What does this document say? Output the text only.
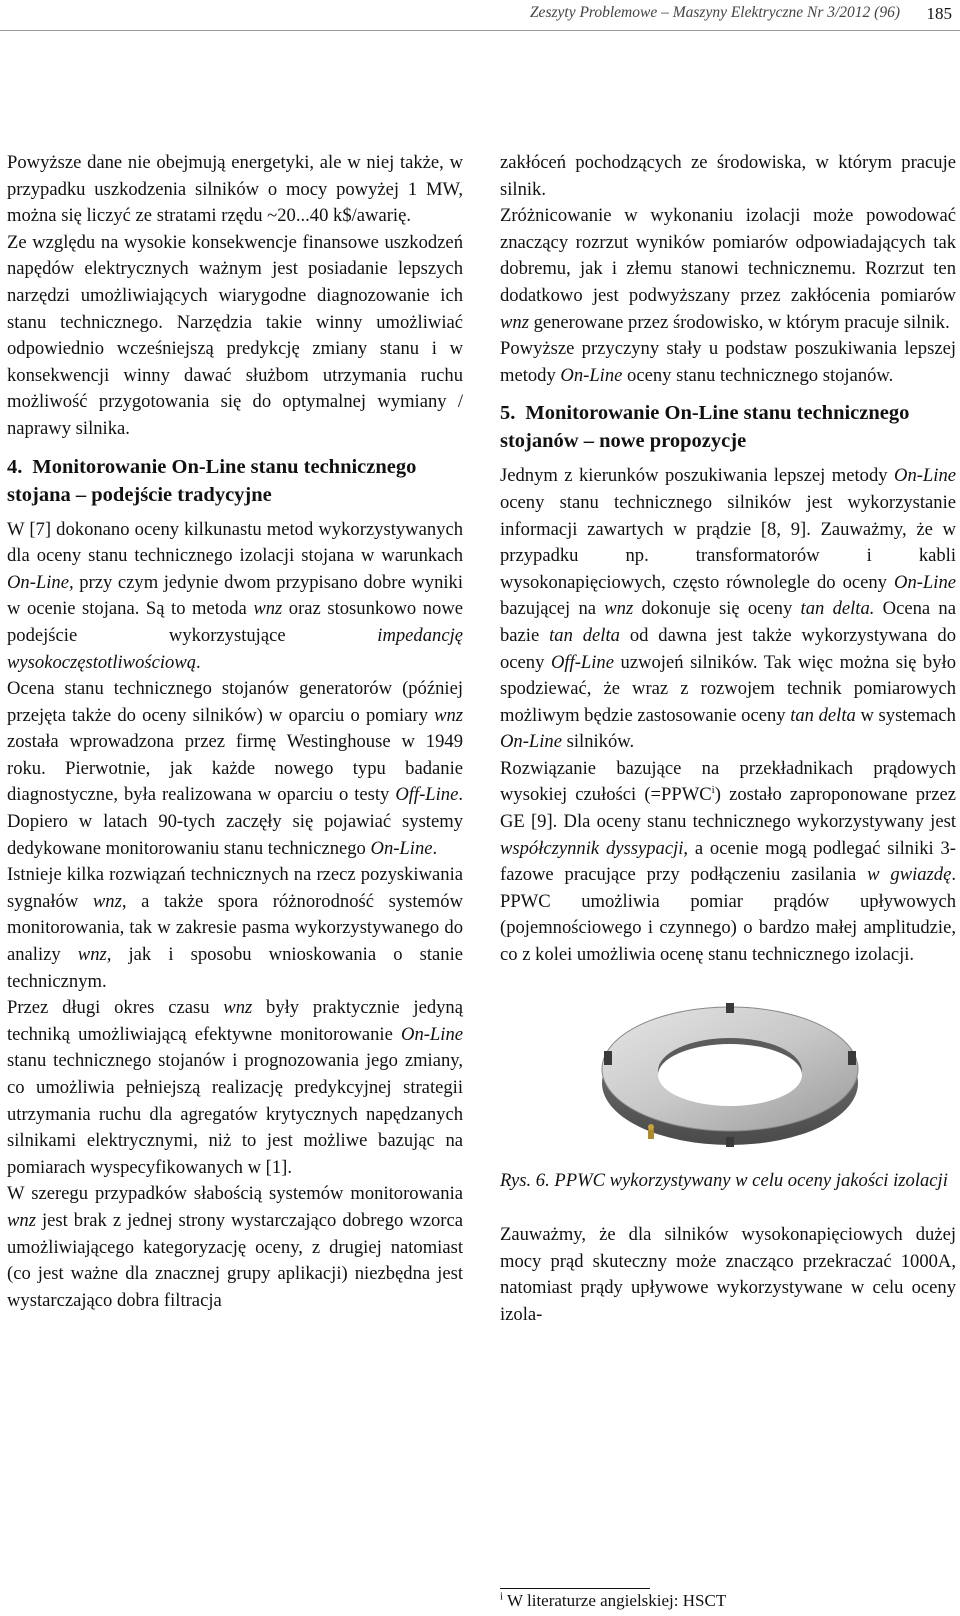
Zeszyty Problemowe – Maszyny Elektryczne Nr 3/2012 (96) 185

Powyższe dane nie obejmują energetyki, ale w niej także, w przypadku uszkodzenia silników o mocy powyżej 1 MW, można się liczyć ze stratami rzędu ~20...40 k$/awarię.

Ze względu na wysokie konsekwencje finansowe uszkodzeń napędów elektrycznych ważnym jest posiadanie lepszych narzędzi umożliwiających wiarygodne diagnozowanie ich stanu technicznego. Narzędzia takie winny umożliwiać odpowiednio wcześniejszą predykcję zmiany stanu i w konsekwencji winny dawać służbom utrzymania ruchu możliwość przygotowania się do optymalnej wymiany / naprawy silnika.

4. Monitorowanie On-Line stanu technicznego stojana – podejście tradycyjne

W [7] dokonano oceny kilkunastu metod wykorzystywanych dla oceny stanu technicznego izolacji stojana w warunkach On-Line, przy czym jedynie dwom przypisano dobre wyniki w ocenie stojana. Są to metoda wnz oraz stosunkowo nowe podejście wykorzystujące impedancję wysokoczęstotliwościową.

Ocena stanu technicznego stojanów generatorów (później przejęta także do oceny silników) w oparciu o pomiary wnz została wprowadzona przez firmę Westinghouse w 1949 roku. Pierwotnie, jak każde nowego typu badanie diagnostyczne, była realizowana w oparciu o testy Off-Line. Dopiero w latach 90-tych zaczęły się pojawiać systemy dedykowane monitorowaniu stanu technicznego On-Line.

Istnieje kilka rozwiązań technicznych na rzecz pozyskiwania sygnałów wnz, a także spora różnorodność systemów monitorowania, tak w zakresie pasma wykorzystywanego do analizy wnz, jak i sposobu wnioskowania o stanie technicznym.

Przez długi okres czasu wnz były praktycznie jedyną techniką umożliwiającą efektywne monitorowanie On-Line stanu technicznego stojanów i prognozowania jego zmiany, co umożliwia pełniejszą realizację predykcyjnej strategii utrzymania ruchu dla agregatów krytycznych napędzanych silnikami elektrycznymi, niż to jest możliwe bazując na pomiarach wyspecyfikowanych w [1].

W szeregu przypadków słabością systemów monitorowania wnz jest brak z jednej strony wystarczająco dobrego wzorca umożliwiającego kategoryzację oceny, z drugiej natomiast (co jest ważne dla znacznej grupy aplikacji) niezbędna jest wystarczająco dobra filtracja

zakłóceń pochodzących ze środowiska, w którym pracuje silnik.

Zróżnicowanie w wykonaniu izolacji może powodować znaczący rozrzut wyników pomiarów odpowiadających tak dobremu, jak i złemu stanowi technicznemu. Rozrzut ten dodatkowo jest podwyższany przez zakłócenia pomiarów wnz generowane przez środowisko, w którym pracuje silnik.

Powyższe przyczyny stały u podstaw poszukiwania lepszej metody On-Line oceny stanu technicznego stojanów.

5. Monitorowanie On-Line stanu technicznego stojanów – nowe propozycje

Jednym z kierunków poszukiwania lepszej metody On-Line oceny stanu technicznego silników jest wykorzystanie informacji zawartych w prądzie [8, 9]. Zauważmy, że w przypadku np. transformatorów i kabli wysokonapięciowych, często równolegle do oceny On-Line bazującej na wnz dokonuje się oceny tan delta. Ocena na bazie tan delta od dawna jest także wykorzystywana do oceny Off-Line uzwojeń silników. Tak więc można się było spodziewać, że wraz z rozwojem technik pomiarowych możliwym będzie zastosowanie oceny tan delta w systemach On-Line silników.

Rozwiązanie bazujące na przekładnikach prądowych wysokiej czułości $(=PPWC^i)$ zostało zaproponowane przez GE [9]. Dla oceny stanu technicznego wykorzystywany jest współczynnik dyssypacji, a ocenie mogą podlegać silniki 3-fazowe pracujące przy podłączeniu zasilania w gwiazdę. PPWC umożliwia pomiar prądów upływowych (pojemnościowego i czynnego) o bardzo małej amplitudzie, co z kolei umożliwia ocenę stanu technicznego izolacji.

Rys. 6. PPWC wykorzystywany w celu oceny jakości izolacji

Zauważmy, że dla silników wysokonapięciowych dużej mocy prąd skuteczny może znacząco przekraczać 1000A, natomiast prądy upływowe wykorzystywane w celu oceny izola-

$^i$ W literaturze angielskiej: HSCT
